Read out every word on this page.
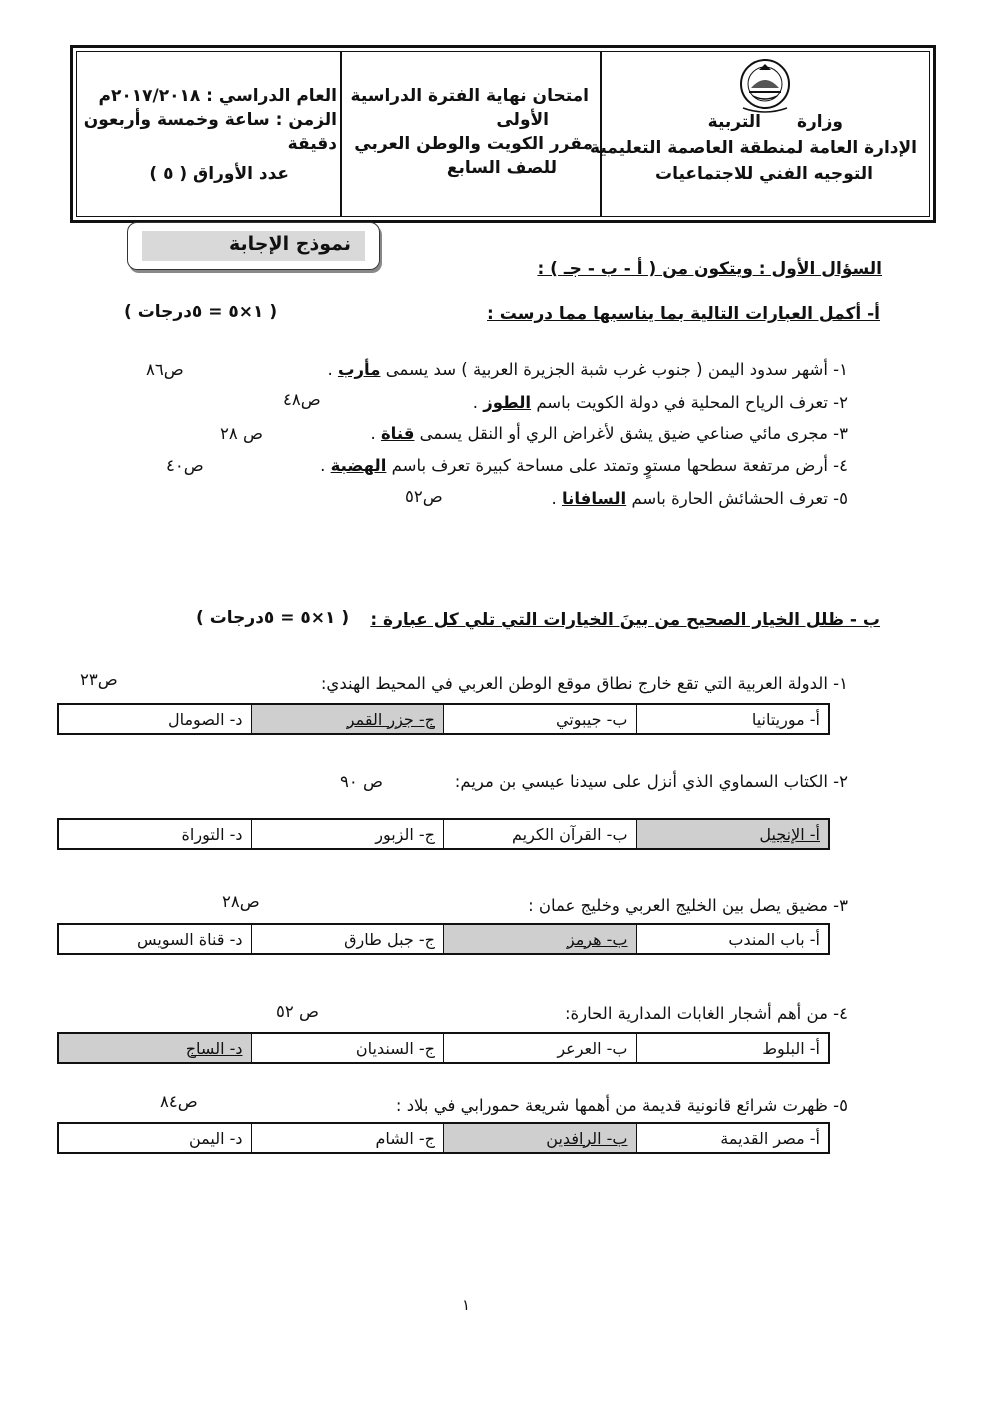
العام الدراسي : ٢٠١٧/٢٠١٨م
الزمن : ساعة وخمسة وأربعون
دقيقة
عدد الأوراق ( ٥ )
امتحان نهاية الفترة الدراسية
الأولى
مقرر الكويت والوطن العربي
للصف السابع
وزارة
التربية
الإدارة العامة لمنطقة العاصمة التعليمية
التوجيه الفني للاجتماعيات
نموذج الإجابة
السؤال الأول : ويتكون من ( أ - ب - جـ ) :
أ- أكمل العبارات التالية بما يناسبها مما درست :
( ١×٥ = ٥درجات )
١- أشهر سدود اليمن ( جنوب غرب شبة الجزيرة العربية ) سد يسمى مأرب .
ص٨٦
٢- تعرف الرياح المحلية في دولة الكويت باسم الطوز .
ص٤٨
٣- مجرى مائي صناعي ضيق يشق لأغراض الري أو النقل يسمى قناة .
ص ٢٨
٤- أرض مرتفعة سطحها مستوٍ وتمتد على مساحة كبيرة تعرف باسم الهضبة .
ص٤٠
٥- تعرف الحشائش الحارة باسم السافانا .
ص٥٢
ب - ظلل الخيار الصحيح من بينَ الخيارات التي تلي كل عبارة :
( ١×٥ = ٥درجات )
١- الدولة العربية التي تقع خارج نطاق موقع الوطن العربي في المحيط الهندي:
ص٢٣
أ- موريتانيا
ب- جيبوتي
ج- جزر القمر
د- الصومال
٢- الكتاب السماوي الذي أنزل على سيدنا عيسي بن مريم:
ص ٩٠
أ- الإنجيل
ب- القرآن الكريم
ج- الزبور
د- التوراة
٣- مضيق يصل بين الخليج العربي وخليج عمان :
ص٢٨
أ- باب المندب
ب- هرمز
ج- جبل طارق
د- قناة السويس
٤- من أهم أشجار الغابات المدارية الحارة:
ص ٥٢
أ- البلوط
ب- العرعر
ج- السنديان
د- الساج
٥- ظهرت شرائع قانونية قديمة من أهمها شريعة حمورابي في بلاد :
ص٨٤
أ- مصر القديمة
ب- الرافدين
ج- الشام
د- اليمن
١
